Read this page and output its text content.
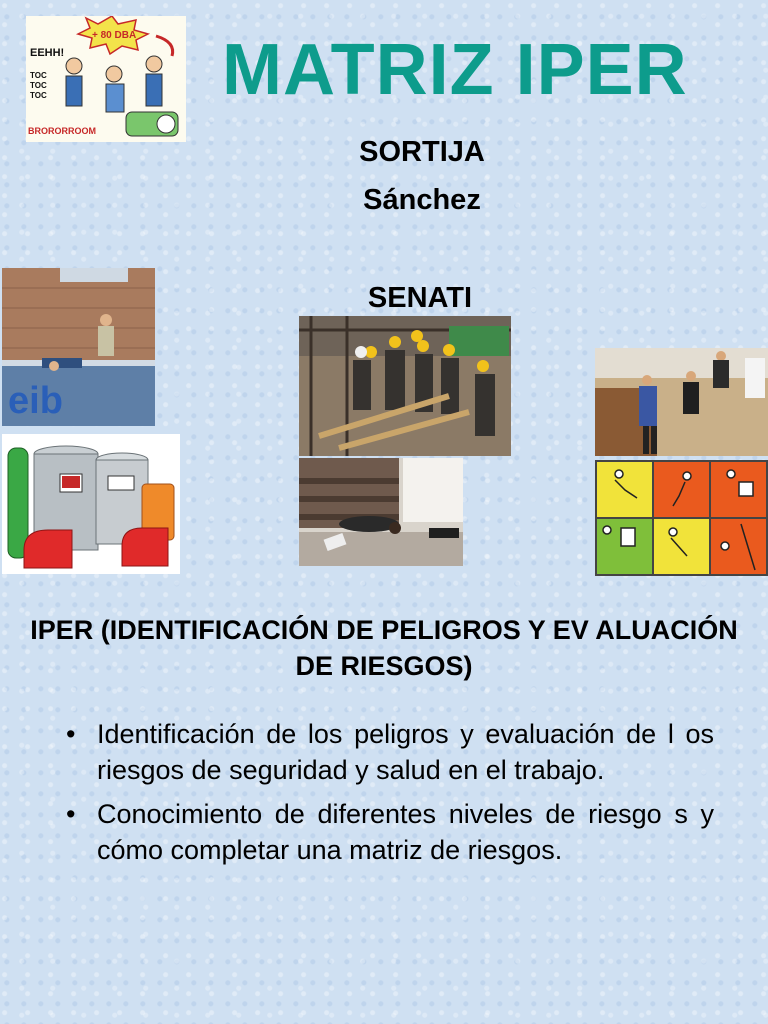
MATRIZ IPER
SORTIJA
Sánchez
SENATI
+ 80 DBA
EEHH!
TOC
TOC
TOC
BRORORROOM
eib
IPER (IDENTIFICACIÓN DE PELIGROS Y EV ALUACIÓN DE RIESGOS)
• Identificación de los peligros y evaluación de l os riesgos de seguridad y salud en el trabajo.
• Conocimiento de diferentes niveles de riesgo s y cómo completar una matriz de riesgos.
